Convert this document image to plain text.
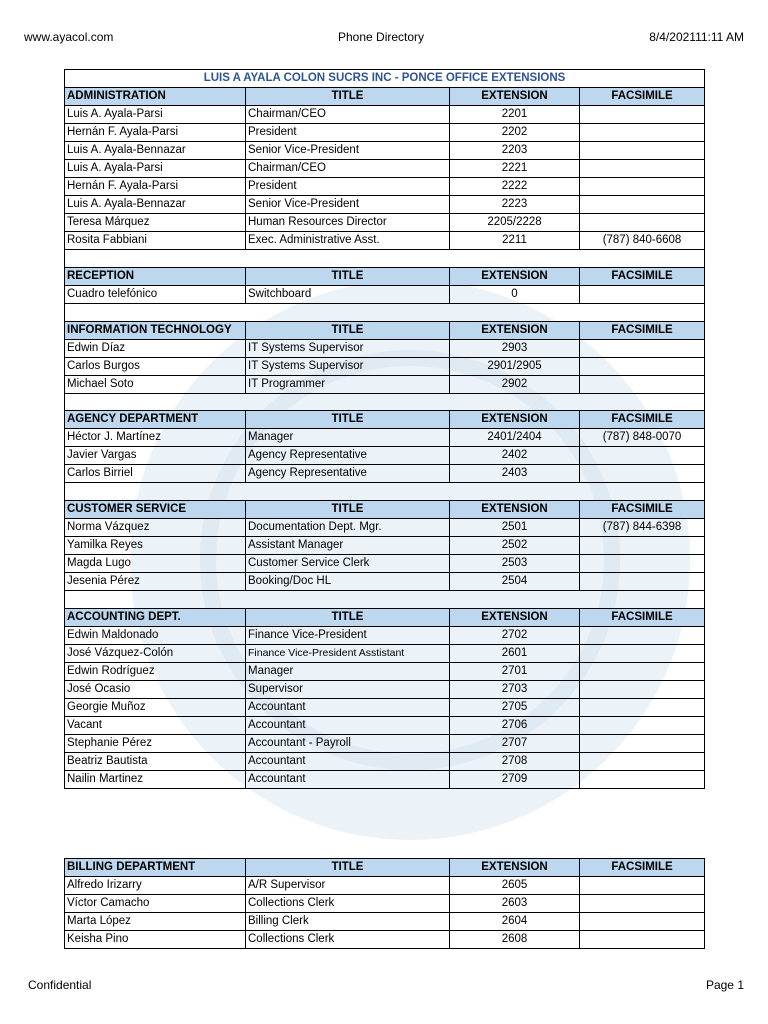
www.ayacol.com	Phone Directory	8/4/202111:11 AM
LUIS A AYALA COLON SUCRS INC - PONCE OFFICE EXTENSIONS			
ADMINISTRATION	TITLE	EXTENSION	FACSIMILE
Luis A. Ayala-Parsi	Chairman/CEO	2201	
Hernán F. Ayala-Parsi	President	2202	
Luis A. Ayala-Bennazar	Senior Vice-President	2203	
Luis A. Ayala-Parsi	Chairman/CEO	2221	
Hernán F. Ayala-Parsi	President	2222	
Luis A. Ayala-Bennazar	Senior Vice-President	2223	
Teresa Márquez	Human Resources Director	2205/2228	
Rosita Fabbiani	Exec. Administrative Asst.	2211	(787) 840-6608

RECEPTION	TITLE	EXTENSION	FACSIMILE
Cuadro telefónico	Switchboard	0	

INFORMATION TECHNOLOGY	TITLE	EXTENSION	FACSIMILE
Edwin Díaz	IT Systems Supervisor	2903	
Carlos Burgos	IT Systems Supervisor	2901/2905	
Michael Soto	IT Programmer	2902	

AGENCY DEPARTMENT	TITLE	EXTENSION	FACSIMILE
Héctor J. Martínez	Manager	2401/2404	(787) 848-0070
Javier Vargas	Agency Representative	2402	
Carlos Birriel	Agency Representative	2403	

CUSTOMER SERVICE	TITLE	EXTENSION	FACSIMILE
Norma Vázquez	Documentation Dept. Mgr.	2501	(787) 844-6398
Yamilka Reyes	Assistant Manager	2502	
Magda Lugo	Customer Service Clerk	2503	
Jesenia Pérez	Booking/Doc HL	2504	

ACCOUNTING DEPT.	TITLE	EXTENSION	FACSIMILE
Edwin Maldonado	Finance Vice-President	2702	
José Vázquez-Colón	Finance Vice-President Asstistant	2601	
Edwin Rodríguez	Manager	2701	
José Ocasio	Supervisor	2703	
Georgie Muñoz	Accountant	2705	
Vacant	Accountant	2706	
Stephanie Pérez	Accountant - Payroll	2707	
Beatriz Bautista	Accountant	2708	
Nailin Martinez	Accountant	2709	
BILLING DEPARTMENT	TITLE	EXTENSION	FACSIMILE
Alfredo Irizarry	A/R Supervisor	2605	
Víctor Camacho	Collections Clerk	2603	
Marta López	Billing Clerk	2604	
Keisha Pino	Collections Clerk	2608	
Confidential	Page 1
